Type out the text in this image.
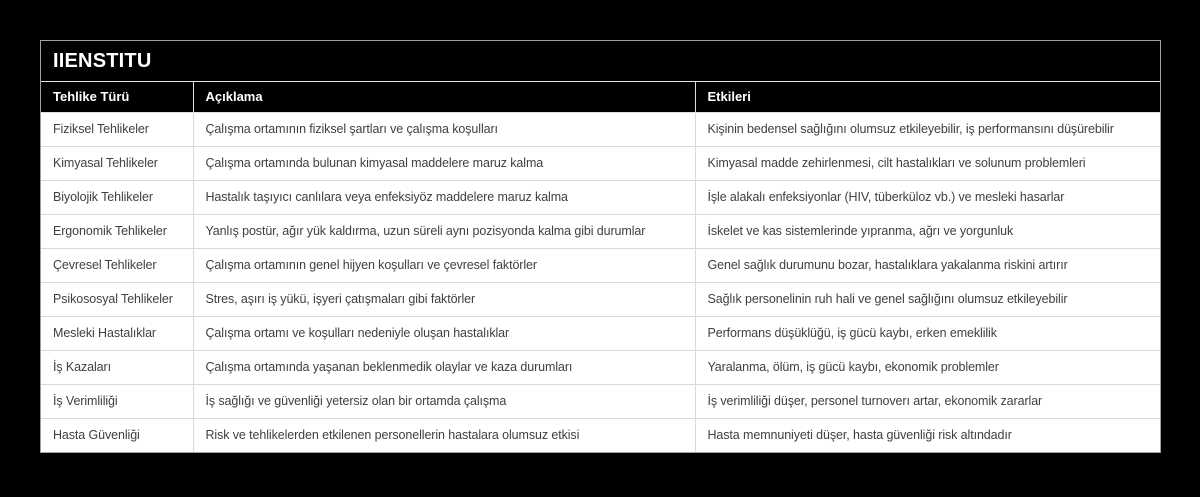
IIENSTITU
Tehlike Türü	Açıklama	Etkileri
Fiziksel Tehlikeler	Çalışma ortamının fiziksel şartları ve çalışma koşulları	Kişinin bedensel sağlığını olumsuz etkileyebilir, iş performansını düşürebilir
Kimyasal Tehlikeler	Çalışma ortamında bulunan kimyasal maddelere maruz kalma	Kimyasal madde zehirlenmesi, cilt hastalıkları ve solunum problemleri
Biyolojik Tehlikeler	Hastalık taşıyıcı canlılara veya enfeksiyöz maddelere maruz kalma	İşle alakalı enfeksiyonlar (HIV, tüberküloz vb.) ve mesleki hasarlar
Ergonomik Tehlikeler	Yanlış postür, ağır yük kaldırma, uzun süreli aynı pozisyonda kalma gibi durumlar	İskelet ve kas sistemlerinde yıpranma, ağrı ve yorgunluk
Çevresel Tehlikeler	Çalışma ortamının genel hijyen koşulları ve çevresel faktörler	Genel sağlık durumunu bozar, hastalıklara yakalanma riskini artırır
Psikososyal Tehlikeler	Stres, aşırı iş yükü, işyeri çatışmaları gibi faktörler	Sağlık personelinin ruh hali ve genel sağlığını olumsuz etkileyebilir
Mesleki Hastalıklar	Çalışma ortamı ve koşulları nedeniyle oluşan hastalıklar	Performans düşüklüğü, iş gücü kaybı, erken emeklilik
İş Kazaları	Çalışma ortamında yaşanan beklenmedik olaylar ve kaza durumları	Yaralanma, ölüm, iş gücü kaybı, ekonomik problemler
İş Verimliliği	İş sağlığı ve güvenliği yetersiz olan bir ortamda çalışma	İş verimliliği düşer, personel turnoverı artar, ekonomik zararlar
Hasta Güvenliği	Risk ve tehlikelerden etkilenen personellerin hastalara olumsuz etkisi	Hasta memnuniyeti düşer, hasta güvenliği risk altındadır
